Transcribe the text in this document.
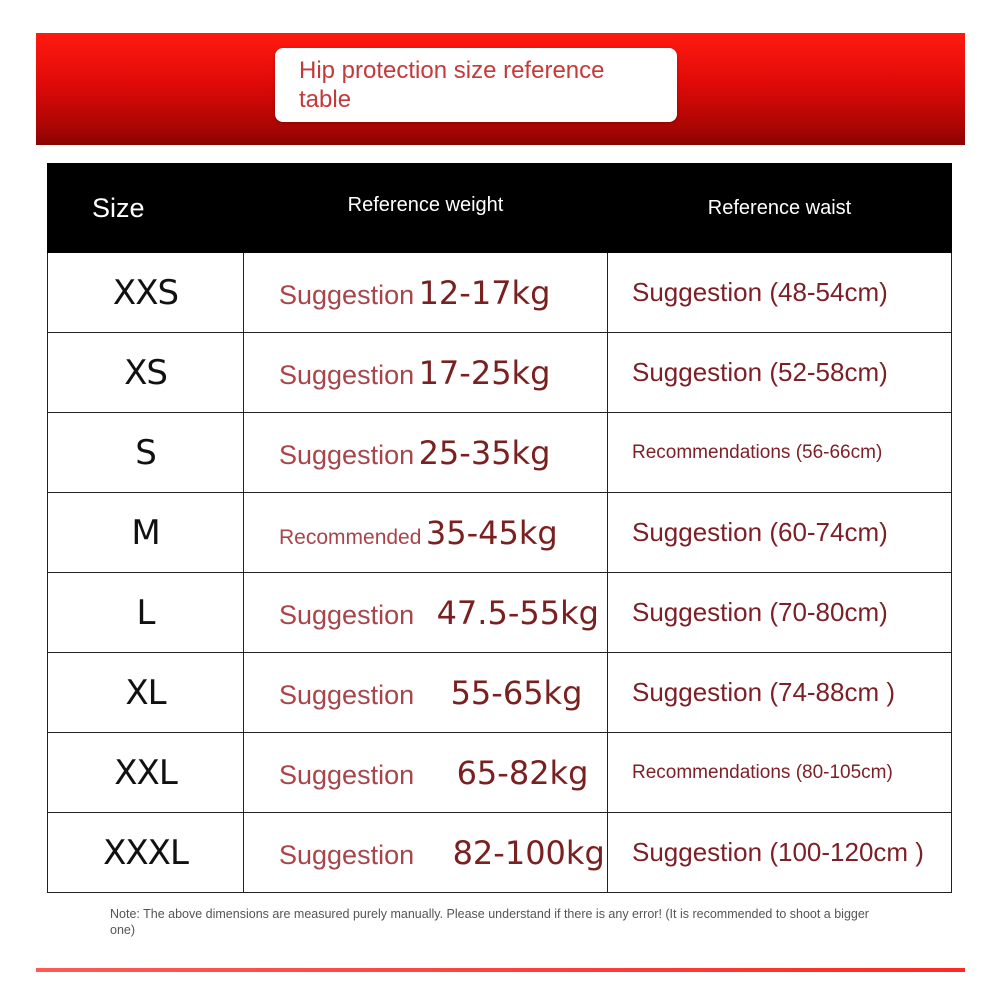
Hip protection size reference table
Size	Reference weight	Reference waist
XXS	Suggestion 12-17kg	Suggestion (48-54cm)
XS	Suggestion 17-25kg	Suggestion (52-58cm)
S	Suggestion 25-35kg	Recommendations (56-66cm)
M	Recommended 35-45kg	Suggestion (60-74cm)
L	Suggestion 47.5-55kg	Suggestion (70-80cm)
XL	Suggestion 55-65kg	Suggestion (74-88cm )
XXL	Suggestion 65-82kg	Recommendations (80-105cm)
XXXL	Suggestion 82-100kg	Suggestion (100-120cm )
Note: The above dimensions are measured purely manually. Please understand if there is any error! (It is recommended to shoot a bigger one)
